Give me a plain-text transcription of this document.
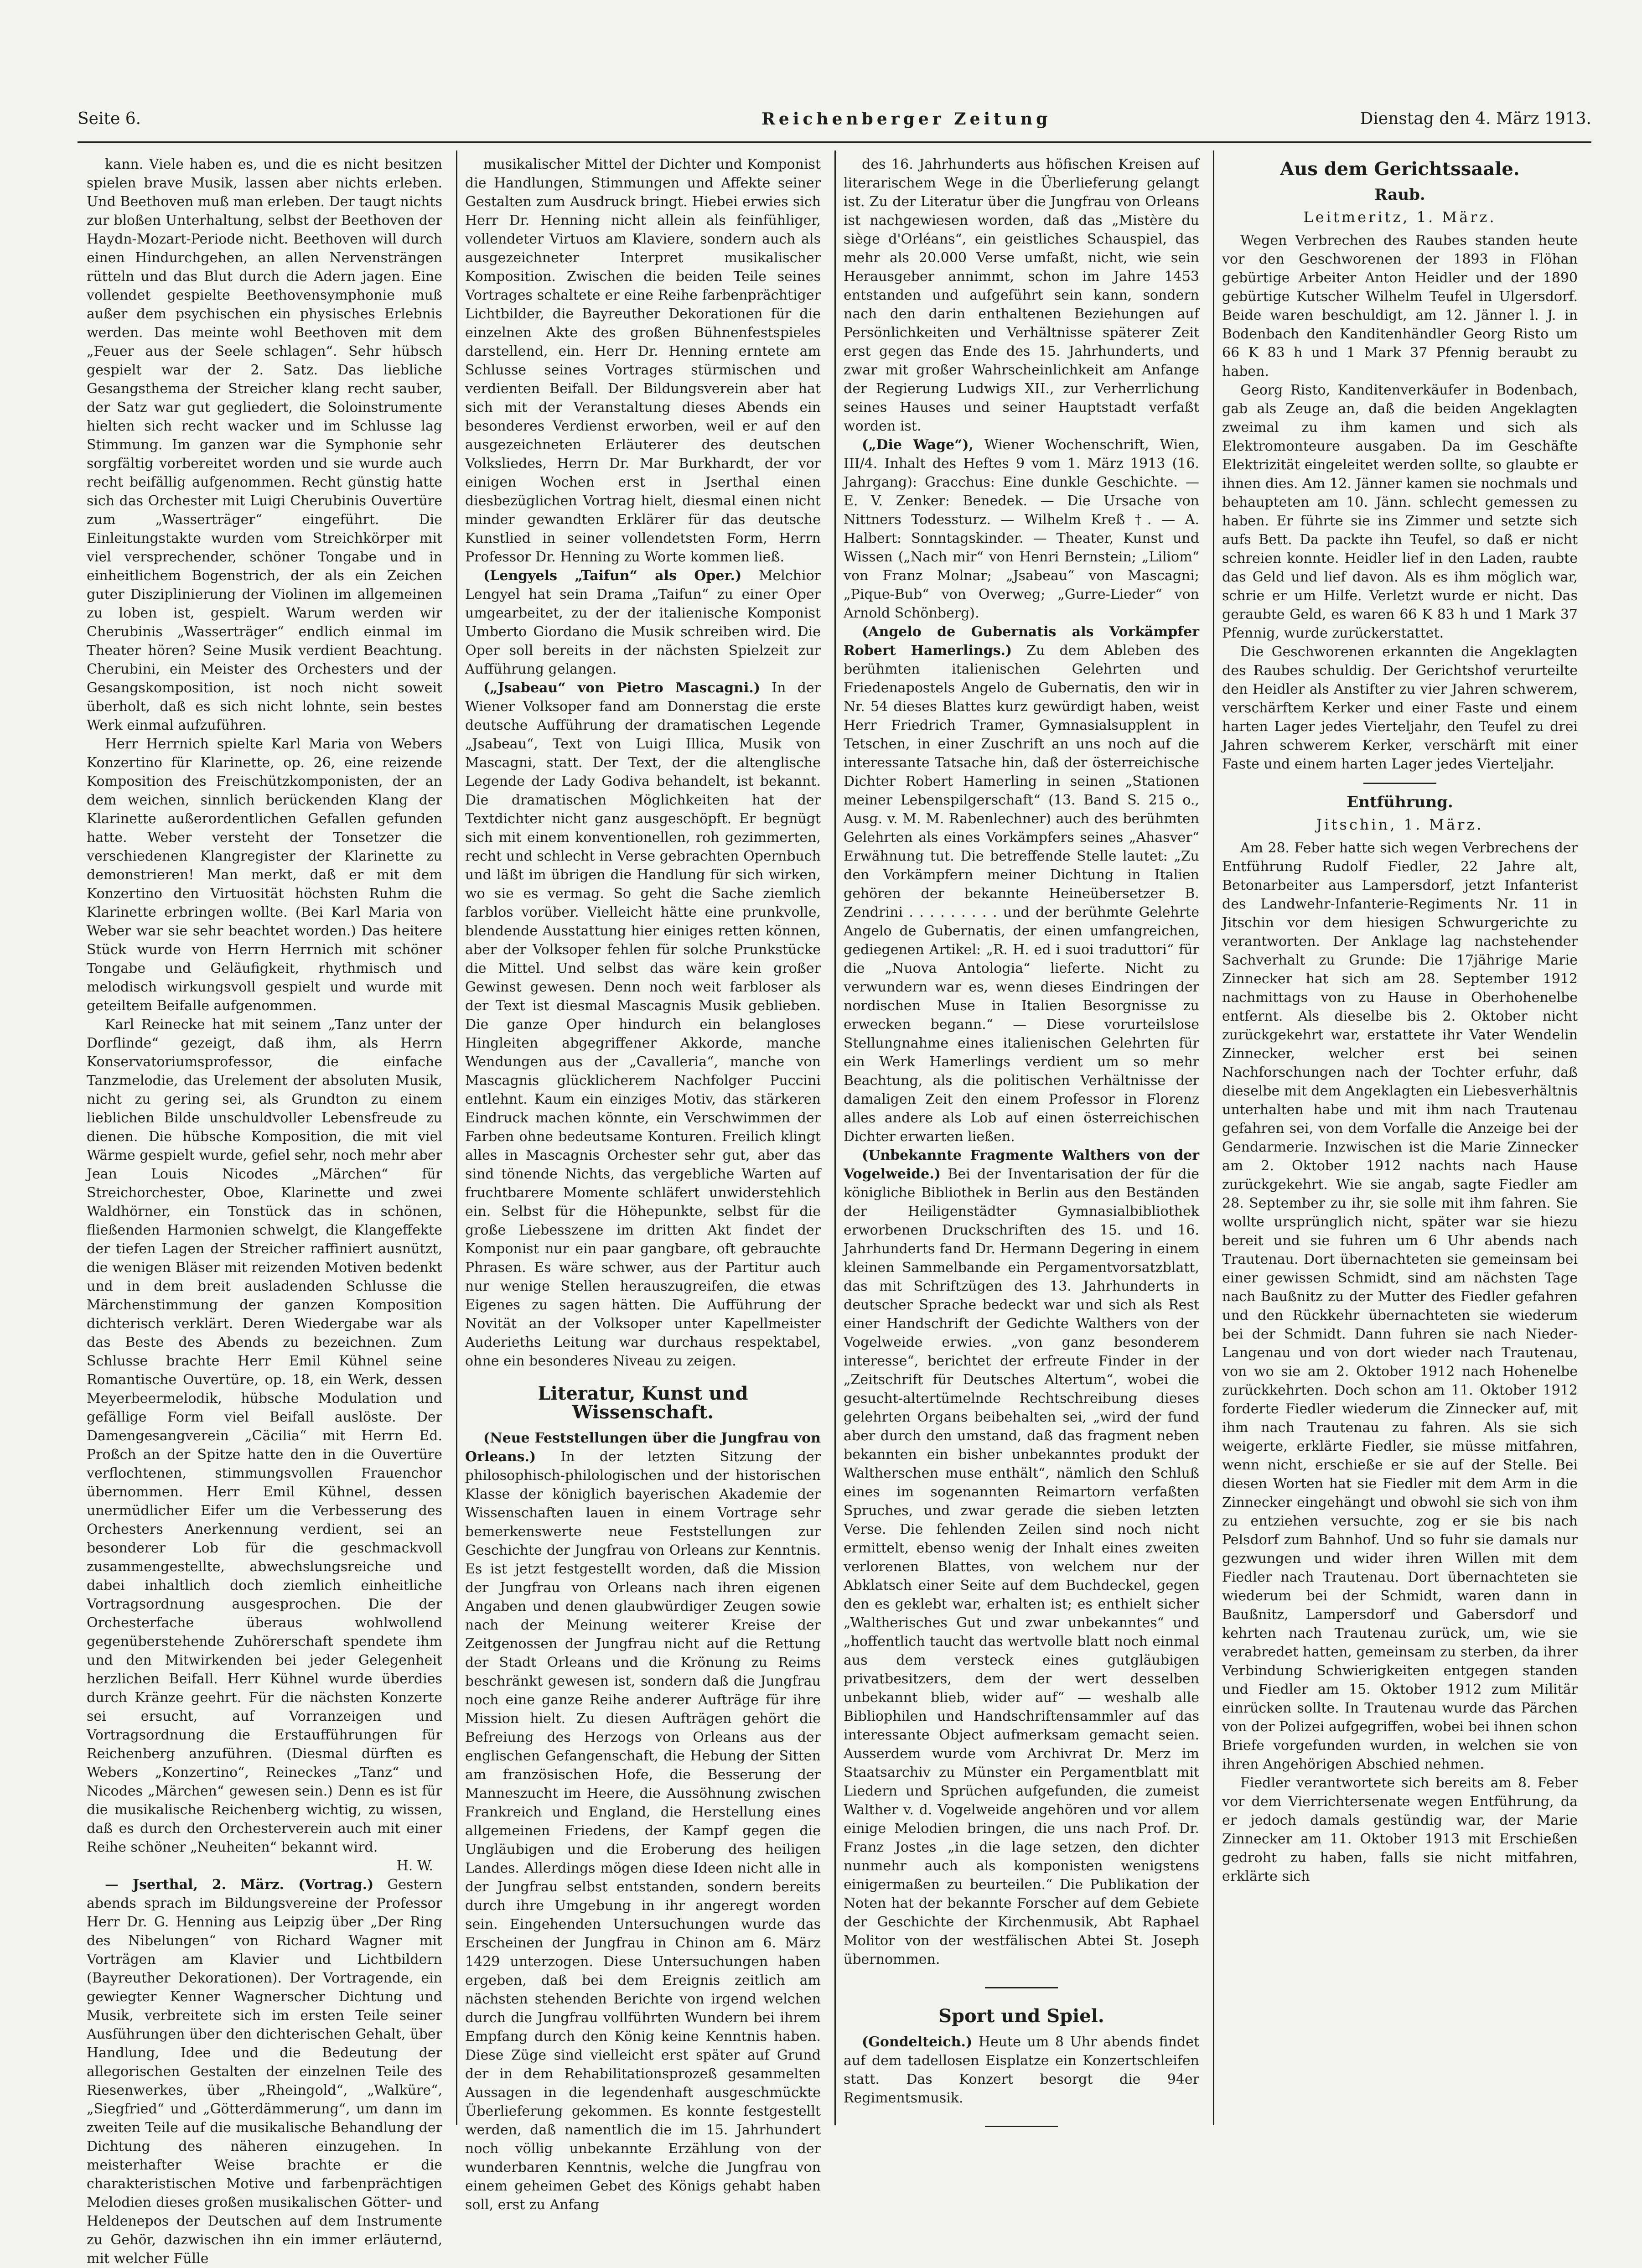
Seite 6.	Reichenberger Zeitung	Dienstag den 4. März 1913.

kann. Viele haben es, und die es nicht besitzen spielen brave Musik, lassen aber nichts erleben. Und Beethoven muß man erleben. Der taugt nichts zur bloßen Unterhaltung, selbst der Beethoven der Haydn-Mozart-Periode nicht. Beethoven will durch einen Hindurchgehen, an allen Nervensträngen rütteln und das Blut durch die Adern jagen. Eine vollendet gespielte Beethovensymphonie muß außer dem psychischen ein physisches Erlebnis werden. Das meinte wohl Beethoven mit dem „Feuer aus der Seele schlagen“. Sehr hübsch gespielt war der 2. Satz. Das liebliche Gesangsthema der Streicher klang recht sauber, der Satz war gut gegliedert, die Soloinstrumente hielten sich recht wacker und im Schlusse lag Stimmung. Im ganzen war die Symphonie sehr sorgfältig vorbereitet worden und sie wurde auch recht beifällig aufgenommen. Recht günstig hatte sich das Orchester mit Luigi Cherubinis Ouvertüre zum „Wasserträger“ eingeführt. Die Einleitungstakte wurden vom Streichkörper mit viel versprechender, schöner Tongabe und in einheitlichem Bogenstrich, der als ein Zeichen guter Disziplinierung der Violinen im allgemeinen zu loben ist, gespielt. Warum werden wir Cherubinis „Wasserträger“ endlich einmal im Theater hören? Seine Musik verdient Beachtung. Cherubini, ein Meister des Orchesters und der Gesangskomposition, ist noch nicht soweit überholt, daß es sich nicht lohnte, sein bestes Werk einmal aufzuführen.

Herr Herrnich spielte Karl Maria von Webers Konzertino für Klarinette, op. 26, eine reizende Komposition des Freischützkomponisten, der an dem weichen, sinnlich berückenden Klang der Klarinette außerordentlichen Gefallen gefunden hatte. Weber versteht der Tonsetzer die verschiedenen Klangregister der Klarinette zu demonstrieren! Man merkt, daß er mit dem Konzertino den Virtuosität höchsten Ruhm die Klarinette erbringen wollte. (Bei Karl Maria von Weber war sie sehr beachtet worden.) Das heitere Stück wurde von Herrn Herrnich mit schöner Tongabe und Geläufigkeit, rhythmisch und melodisch wirkungsvoll gespielt und wurde mit geteiltem Beifalle aufgenommen.

Karl Reinecke hat mit seinem „Tanz unter der Dorflinde“ gezeigt, daß ihm, als Herrn Konservatoriumsprofessor, die einfache Tanzmelodie, das Urelement der absoluten Musik, nicht zu gering sei, als Grundton zu einem lieblichen Bilde unschuldvoller Lebensfreude zu dienen. Die hübsche Komposition, die mit viel Wärme gespielt wurde, gefiel sehr, noch mehr aber Jean Louis Nicodes „Märchen“ für Streichorchester, Oboe, Klarinette und zwei Waldhörner, ein Tonstück das in schönen, fließenden Harmonien schwelgt, die Klangeffekte der tiefen Lagen der Streicher raffiniert ausnützt, die wenigen Bläser mit reizenden Motiven bedenkt und in dem breit ausladenden Schlusse die Märchenstimmung der ganzen Komposition dichterisch verklärt. Deren Wiedergabe war als das Beste des Abends zu bezeichnen. Zum Schlusse brachte Herr Emil Kühnel seine Romantische Ouvertüre, op. 18, ein Werk, dessen Meyerbeermelodik, hübsche Modulation und gefällige Form viel Beifall auslöste. Der Damengesangverein „Cäcilia“ mit Herrn Ed. Proßch an der Spitze hatte den in die Ouvertüre verflochtenen, stimmungsvollen Frauenchor übernommen. Herr Emil Kühnel, dessen unermüdlicher Eifer um die Verbesserung des Orchesters Anerkennung verdient, sei an besonderer Lob für die geschmackvoll zusammengestellte, abwechslungsreiche und dabei inhaltlich doch ziemlich einheitliche Vortragsordnung ausgesprochen. Die der Orchesterfache überaus wohlwollend gegenüberstehende Zuhörerschaft spendete ihm und den Mitwirkenden bei jeder Gelegenheit herzlichen Beifall. Herr Kühnel wurde überdies durch Kränze geehrt. Für die nächsten Konzerte sei ersucht, auf Vorranzeigen und Vortragsordnung die Erstaufführungen für Reichenberg anzuführen. (Diesmal dürften es Webers „Konzertino“, Reineckes „Tanz“ und Nicodes „Märchen“ gewesen sein.) Denn es ist für die musikalische Reichenberg wichtig, zu wissen, daß es durch den Orchesterverein auch mit einer Reihe schöner „Neuheiten“ bekannt wird.

H. W.

— Jserthal, 2. März. (Vortrag.) Gestern abends sprach im Bildungsvereine der Professor Herr Dr. G. Henning aus Leipzig über „Der Ring des Nibelungen“ von Richard Wagner mit Vorträgen am Klavier und Lichtbildern (Bayreuther Dekorationen). Der Vortragende, ein gewiegter Kenner Wagnerscher Dichtung und Musik, verbreitete sich im ersten Teile seiner Ausführungen über den dichterischen Gehalt, über Handlung, Idee und die Bedeutung der allegorischen Gestalten der einzelnen Teile des Riesenwerkes, über „Rheingold“, „Walküre“, „Siegfried“ und „Götterdämmerung“, um dann im zweiten Teile auf die musikalische Behandlung der Dichtung des näheren einzugehen. In meisterhafter Weise brachte er die charakteristischen Motive und farbenprächtigen Melodien dieses großen musikalischen Götter- und Heldenepos der Deutschen auf dem Instrumente zu Gehör, dazwischen ihn ein immer erläuternd, mit welcher Fülle

musikalischer Mittel der Dichter und Komponist die Handlungen, Stimmungen und Affekte seiner Gestalten zum Ausdruck bringt. Hiebei erwies sich Herr Dr. Henning nicht allein als feinfühliger, vollendeter Virtuos am Klaviere, sondern auch als ausgezeichneter Interpret musikalischer Komposition. Zwischen die beiden Teile seines Vortrages schaltete er eine Reihe farbenprächtiger Lichtbilder, die Bayreuther Dekorationen für die einzelnen Akte des großen Bühnenfestspieles darstellend, ein. Herr Dr. Henning erntete am Schlusse seines Vortrages stürmischen und verdienten Beifall. Der Bildungsverein aber hat sich mit der Veranstaltung dieses Abends ein besonderes Verdienst erworben, weil er auf den ausgezeichneten Erläuterer des deutschen Volksliedes, Herrn Dr. Mar Burkhardt, der vor einigen Wochen erst in Jserthal einen diesbezüglichen Vortrag hielt, diesmal einen nicht minder gewandten Erklärer für das deutsche Kunstlied in seiner vollendetsten Form, Herrn Professor Dr. Henning zu Worte kommen ließ.

(Lengyels „Taifun“ als Oper.) Melchior Lengyel hat sein Drama „Taifun“ zu einer Oper umgearbeitet, zu der der italienische Komponist Umberto Giordano die Musik schreiben wird. Die Oper soll bereits in der nächsten Spielzeit zur Aufführung gelangen.

(„Jsabeau“ von Pietro Mascagni.) In der Wiener Volksoper fand am Donnerstag die erste deutsche Aufführung der dramatischen Legende „Jsabeau“, Text von Luigi Illica, Musik von Mascagni, statt. Der Text, der die altenglische Legende der Lady Godiva behandelt, ist bekannt. Die dramatischen Möglichkeiten hat der Textdichter nicht ganz ausgeschöpft. Er begnügt sich mit einem konventionellen, roh gezimmerten, recht und schlecht in Verse gebrachten Opernbuch und läßt im übrigen die Handlung für sich wirken, wo sie es vermag. So geht die Sache ziemlich farblos vorüber. Vielleicht hätte eine prunkvolle, blendende Ausstattung hier einiges retten können, aber der Volksoper fehlen für solche Prunkstücke die Mittel. Und selbst das wäre kein großer Gewinst gewesen. Denn noch weit farbloser als der Text ist diesmal Mascagnis Musik geblieben. Die ganze Oper hindurch ein belangloses Hingleiten abgegriffener Akkorde, manche Wendungen aus der „Cavalleria“, manche von Mascagnis glücklicherem Nachfolger Puccini entlehnt. Kaum ein einziges Motiv, das stärkeren Eindruck machen könnte, ein Verschwimmen der Farben ohne bedeutsame Konturen. Freilich klingt alles in Mascagnis Orchester sehr gut, aber das sind tönende Nichts, das vergebliche Warten auf fruchtbarere Momente schläfert unwiderstehlich ein. Selbst für die Höhepunkte, selbst für die große Liebesszene im dritten Akt findet der Komponist nur ein paar gangbare, oft gebrauchte Phrasen. Es wäre schwer, aus der Partitur auch nur wenige Stellen herauszugreifen, die etwas Eigenes zu sagen hätten. Die Aufführung der Novität an der Volksoper unter Kapellmeister Auderieths Leitung war durchaus respektabel, ohne ein besonderes Niveau zu zeigen.

Literatur, Kunst und Wissenschaft.

(Neue Feststellungen über die Jungfrau von Orleans.) In der letzten Sitzung der philosophisch-philologischen und der historischen Klasse der königlich bayerischen Akademie der Wissenschaften lauen in einem Vortrage sehr bemerkenswerte neue Feststellungen zur Geschichte der Jungfrau von Orleans zur Kenntnis. Es ist jetzt festgestellt worden, daß die Mission der Jungfrau von Orleans nach ihren eigenen Angaben und denen glaubwürdiger Zeugen sowie nach der Meinung weiterer Kreise der Zeitgenossen der Jungfrau nicht auf die Rettung der Stadt Orleans und die Krönung zu Reims beschränkt gewesen ist, sondern daß die Jungfrau noch eine ganze Reihe anderer Aufträge für ihre Mission hielt. Zu diesen Aufträgen gehört die Befreiung des Herzogs von Orleans aus der englischen Gefangenschaft, die Hebung der Sitten am französischen Hofe, die Besserung der Manneszucht im Heere, die Aussöhnung zwischen Frankreich und England, die Herstellung eines allgemeinen Friedens, der Kampf gegen die Ungläubigen und die Eroberung des heiligen Landes. Allerdings mögen diese Ideen nicht alle in der Jungfrau selbst entstanden, sondern bereits durch ihre Umgebung in ihr angeregt worden sein. Eingehenden Untersuchungen wurde das Erscheinen der Jungfrau in Chinon am 6. März 1429 unterzogen. Diese Untersuchungen haben ergeben, daß bei dem Ereignis zeitlich am nächsten stehenden Berichte von irgend welchen durch die Jungfrau vollführten Wundern bei ihrem Empfang durch den König keine Kenntnis haben. Diese Züge sind vielleicht erst später auf Grund der in dem Rehabilitationsprozeß gesammelten Aussagen in die legendenhaft ausgeschmückte Überlieferung gekommen. Es konnte festgestellt werden, daß namentlich die im 15. Jahrhundert noch völlig unbekannte Erzählung von der wunderbaren Kenntnis, welche die Jungfrau von einem geheimen Gebet des Königs gehabt haben soll, erst zu Anfang

des 16. Jahrhunderts aus höfischen Kreisen auf literarischem Wege in die Überlieferung gelangt ist. Zu der Literatur über die Jungfrau von Orleans ist nachgewiesen worden, daß das „Mistère du siège d'Orléans“, ein geistliches Schauspiel, das mehr als 20.000 Verse umfaßt, nicht, wie sein Herausgeber annimmt, schon im Jahre 1453 entstanden und aufgeführt sein kann, sondern nach den darin enthaltenen Beziehungen auf Persönlichkeiten und Verhältnisse späterer Zeit erst gegen das Ende des 15. Jahrhunderts, und zwar mit großer Wahrscheinlichkeit am Anfange der Regierung Ludwigs XII., zur Verherrlichung seines Hauses und seiner Hauptstadt verfaßt worden ist.

(„Die Wage“), Wiener Wochenschrift, Wien, III/4. Inhalt des Heftes 9 vom 1. März 1913 (16. Jahrgang): Gracchus: Eine dunkle Geschichte. — E. V. Zenker: Benedek. — Die Ursache von Nittners Todessturz. — Wilhelm Kreß †. — A. Halbert: Sonntagskinder. — Theater, Kunst und Wissen („Nach mir“ von Henri Bernstein; „Liliom“ von Franz Molnar; „Jsabeau“ von Mascagni; „Pique-Bub“ von Overweg; „Gurre-Lieder“ von Arnold Schönberg).

(Angelo de Gubernatis als Vorkämpfer Robert Hamerlings.) Zu dem Ableben des berühmten italienischen Gelehrten und Friedenapostels Angelo de Gubernatis, den wir in Nr. 54 dieses Blattes kurz gewürdigt haben, weist Herr Friedrich Tramer, Gymnasialsupplent in Tetschen, in einer Zuschrift an uns noch auf die interessante Tatsache hin, daß der österreichische Dichter Robert Hamerling in seinen „Stationen meiner Lebenspilgerschaft“ (13. Band S. 215 o., Ausg. v. M. M. Rabenlechner) auch des berühmten Gelehrten als eines Vorkämpfers seines „Ahasver“ Erwähnung tut. Die betreffende Stelle lautet: „Zu den Vorkämpfern meiner Dichtung in Italien gehören der bekannte Heineübersetzer B. Zendrini . . . . . . . . . und der berühmte Gelehrte Angelo de Gubernatis, der einen umfangreichen, gediegenen Artikel: „R. H. ed i suoi traduttori“ für die „Nuova Antologia“ lieferte. Nicht zu verwundern war es, wenn dieses Eindringen der nordischen Muse in Italien Besorgnisse zu erwecken begann.“ — Diese vorurteilslose Stellungnahme eines italienischen Gelehrten für ein Werk Hamerlings verdient um so mehr Beachtung, als die politischen Verhältnisse der damaligen Zeit den einem Professor in Florenz alles andere als Lob auf einen österreichischen Dichter erwarten ließen.

(Unbekannte Fragmente Walthers von der Vogelweide.) Bei der Inventarisation der für die königliche Bibliothek in Berlin aus den Beständen der Heiligenstädter Gymnasialbibliothek erworbenen Druckschriften des 15. und 16. Jahrhunderts fand Dr. Hermann Degering in einem kleinen Sammelbande ein Pergamentvorsatzblatt, das mit Schriftzügen des 13. Jahrhunderts in deutscher Sprache bedeckt war und sich als Rest einer Handschrift der Gedichte Walthers von der Vogelweide erwies. „von ganz besonderem interesse“, berichtet der erfreute Finder in der „Zeitschrift für Deutsches Altertum“, wobei die gesucht-altertümelnde Rechtschreibung dieses gelehrten Organs beibehalten sei, „wird der fund aber durch den umstand, daß das fragment neben bekannten ein bisher unbekanntes produkt der Waltherschen muse enthält“, nämlich den Schluß eines im sogenannten Reimartorn verfaßten Spruches, und zwar gerade die sieben letzten Verse. Die fehlenden Zeilen sind noch nicht ermittelt, ebenso wenig der Inhalt eines zweiten verlorenen Blattes, von welchem nur der Abklatsch einer Seite auf dem Buchdeckel, gegen den es geklebt war, erhalten ist; es enthielt sicher „Waltherisches Gut und zwar unbekanntes“ und „hoffentlich taucht das wertvolle blatt noch einmal aus dem versteck eines gutgläubigen privatbesitzers, dem der wert desselben unbekannt blieb, wider auf“ — weshalb alle Bibliophilen und Handschriftensammler auf das interessante Object aufmerksam gemacht seien. Ausserdem wurde vom Archivrat Dr. Merz im Staatsarchiv zu Münster ein Pergamentblatt mit Liedern und Sprüchen aufgefunden, die zumeist Walther v. d. Vogelweide angehören und vor allem einige Melodien bringen, die uns nach Prof. Dr. Franz Jostes „in die lage setzen, den dichter nunmehr auch als komponisten wenigstens einigermaßen zu beurteilen.“ Die Publikation der Noten hat der bekannte Forscher auf dem Gebiete der Geschichte der Kirchenmusik, Abt Raphael Molitor von der westfälischen Abtei St. Joseph übernommen.

Sport und Spiel.

(Gondelteich.) Heute um 8 Uhr abends findet auf dem tadellosen Eisplatze ein Konzertschleifen statt. Das Konzert besorgt die 94er Regimentsmusik.

Aus dem Gerichtssaale.
Raub.
Leitmeritz, 1. März.

Wegen Verbrechen des Raubes standen heute vor den Geschworenen der 1893 in Flöhan gebürtige Arbeiter Anton Heidler und der 1890 gebürtige Kutscher Wilhelm Teufel in Ulgersdorf. Beide waren beschuldigt, am 12. Jänner l. J. in Bodenbach den Kanditenhändler Georg Risto um 66 K 83 h und 1 Mark 37 Pfennig beraubt zu haben.

Georg Risto, Kanditenverkäufer in Bodenbach, gab als Zeuge an, daß die beiden Angeklagten zweimal zu ihm kamen und sich als Elektromonteure ausgaben. Da im Geschäfte Elektrizität eingeleitet werden sollte, so glaubte er ihnen dies. Am 12. Jänner kamen sie nochmals und behaupteten am 10. Jänn. schlecht gemessen zu haben. Er führte sie ins Zimmer und setzte sich aufs Bett. Da packte ihn Teufel, so daß er nicht schreien konnte. Heidler lief in den Laden, raubte das Geld und lief davon. Als es ihm möglich war, schrie er um Hilfe. Verletzt wurde er nicht. Das geraubte Geld, es waren 66 K 83 h und 1 Mark 37 Pfennig, wurde zurückerstattet.

Die Geschworenen erkannten die Angeklagten des Raubes schuldig. Der Gerichtshof verurteilte den Heidler als Anstifter zu vier Jahren schwerem, verschärftem Kerker und einer Faste und einem harten Lager jedes Vierteljahr, den Teufel zu drei Jahren schwerem Kerker, verschärft mit einer Faste und einem harten Lager jedes Vierteljahr.

Entführung.
Jitschin, 1. März.

Am 28. Feber hatte sich wegen Verbrechens der Entführung Rudolf Fiedler, 22 Jahre alt, Betonarbeiter aus Lampersdorf, jetzt Infanterist des Landwehr-Infanterie-Regiments Nr. 11 in Jitschin vor dem hiesigen Schwurgerichte zu verantworten. Der Anklage lag nachstehender Sachverhalt zu Grunde: Die 17jährige Marie Zinnecker hat sich am 28. September 1912 nachmittags von zu Hause in Oberhohenelbe entfernt. Als dieselbe bis 2. Oktober nicht zurückgekehrt war, erstattete ihr Vater Wendelin Zinnecker, welcher erst bei seinen Nachforschungen nach der Tochter erfuhr, daß dieselbe mit dem Angeklagten ein Liebesverhältnis unterhalten habe und mit ihm nach Trautenau gefahren sei, von dem Vorfalle die Anzeige bei der Gendarmerie. Inzwischen ist die Marie Zinnecker am 2. Oktober 1912 nachts nach Hause zurückgekehrt. Wie sie angab, sagte Fiedler am 28. September zu ihr, sie solle mit ihm fahren. Sie wollte ursprünglich nicht, später war sie hiezu bereit und sie fuhren um 6 Uhr abends nach Trautenau. Dort übernachteten sie gemeinsam bei einer gewissen Schmidt, sind am nächsten Tage nach Baußnitz zu der Mutter des Fiedler gefahren und den Rückkehr übernachteten sie wiederum bei der Schmidt. Dann fuhren sie nach Nieder-Langenau und von dort wieder nach Trautenau, von wo sie am 2. Oktober 1912 nach Hohenelbe zurückkehrten. Doch schon am 11. Oktober 1912 forderte Fiedler wiederum die Zinnecker auf, mit ihm nach Trautenau zu fahren. Als sie sich weigerte, erklärte Fiedler, sie müsse mitfahren, wenn nicht, erschieße er sie auf der Stelle. Bei diesen Worten hat sie Fiedler mit dem Arm in die Zinnecker eingehängt und obwohl sie sich von ihm zu entziehen versuchte, zog er sie bis nach Pelsdorf zum Bahnhof. Und so fuhr sie damals nur gezwungen und wider ihren Willen mit dem Fiedler nach Trautenau. Dort übernachteten sie wiederum bei der Schmidt, waren dann in Baußnitz, Lampersdorf und Gabersdorf und kehrten nach Trautenau zurück, um, wie sie verabredet hatten, gemeinsam zu sterben, da ihrer Verbindung Schwierigkeiten entgegen standen und Fiedler am 15. Oktober 1912 zum Militär einrücken sollte. In Trautenau wurde das Pärchen von der Polizei aufgegriffen, wobei bei ihnen schon Briefe vorgefunden wurden, in welchen sie von ihren Angehörigen Abschied nehmen.

Fiedler verantwortete sich bereits am 8. Feber vor dem Vierrichtersenate wegen Entführung, da er jedoch damals gestündig war, der Marie Zinnecker am 11. Oktober 1913 mit Erschießen gedroht zu haben, falls sie nicht mitfahren, erklärte sich
